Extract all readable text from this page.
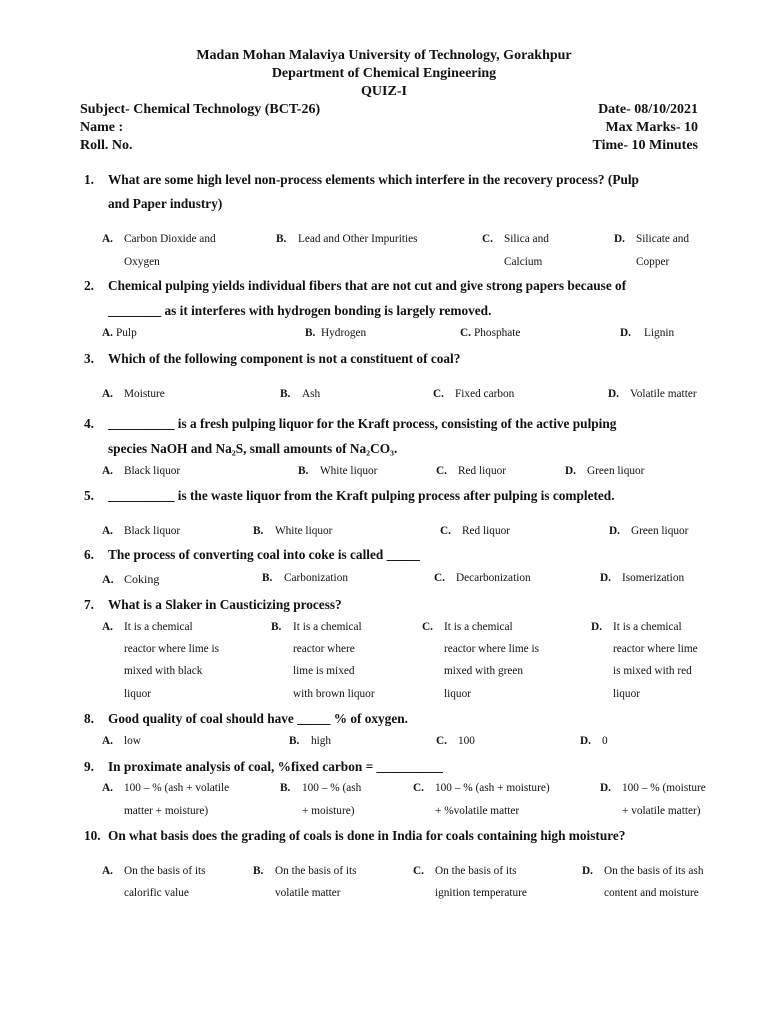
Madan Mohan Malaviya University of Technology, Gorakhpur
Department of Chemical Engineering
QUIZ-I
Subject- Chemical Technology (BCT-26)
Name :
Roll. No.
Date- 08/10/2021
Max Marks- 10
Time- 10 Minutes
1. What are some high level non-process elements which interfere in the recovery process? (Pulp
and Paper industry)
A. Carbon Dioxide and
Oxygen
B. Lead and Other Impurities	C. Silica and
Calcium
D. Silicate and
Copper
2. Chemical pulping yields individual fibers that are not cut and give strong papers because of
________ as it interferes with hydrogen bonding is largely removed.
A. Pulp	B. Hydrogen	C. Phosphate	D. Lignin
3. Which of the following component is not a constituent of coal?
A. Moisture	B. Ash	C. Fixed carbon	D. Volatile matter
4. __________ is a fresh pulping liquor for the Kraft process, consisting of the active pulping
species NaOH and Na₂S, small amounts of Na₂CO₃.
A. Black liquor	B. White liquor	C. Red liquor	D. Green liquor
5. __________ is the waste liquor from the Kraft pulping process after pulping is completed.
A. Black liquor	B. White liquor	C. Red liquor	D. Green liquor
6. The process of converting coal into coke is called _____
A. Coking	B. Carbonization	C. Decarbonization	D. Isomerization
7. What is a Slaker in Causticizing process?
A. It is a chemical
reactor where lime is
mixed with black
liquor
B. It is a chemical
reactor where
lime is mixed
with brown liquor
C. It is a chemical
reactor where lime is
mixed with green
liquor
D. It is a chemical
reactor where lime
is mixed with red
liquor
8. Good quality of coal should have _____ % of oxygen.
A. low	B. high	C. 100	D. 0
9. In proximate analysis of coal, %fixed carbon = __________
A. 100 – % (ash + volatile
matter + moisture)
B. 100 – % (ash
+ moisture)
C. 100 – % (ash + moisture)
+ %volatile matter
D. 100 – % (moisture
+ volatile matter)
10. On what basis does the grading of coals is done in India for coals containing high moisture?
A. On the basis of its
calorific value
B. On the basis of its
volatile matter
C. On the basis of its
ignition temperature
D. On the basis of its ash
content and moisture
